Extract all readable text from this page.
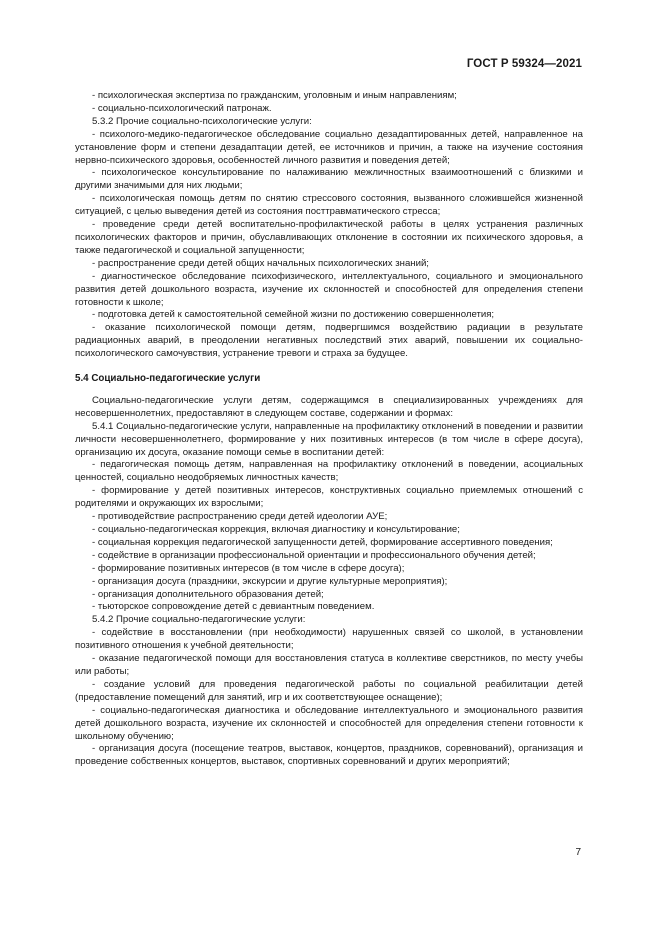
ГОСТ Р 59324—2021

- психологическая экспертиза по гражданским, уголовным и иным направлениям;

- социально-психологический патронаж.

5.3.2 Прочие социально-психологические услуги:

- психолого-медико-педагогическое обследование социально дезадаптированных детей, направленное на установление форм и степени дезадаптации детей, ее источников и причин, а также на изучение состояния нервно-психического здоровья, особенностей личного развития и поведения детей;

- психологическое консультирование по налаживанию межличностных взаимоотношений с близкими и другими значимыми для них людьми;

- психологическая помощь детям по снятию стрессового состояния, вызванного сложившейся жизненной ситуацией, с целью выведения детей из состояния посттравматического стресса;

- проведение среди детей воспитательно-профилактической работы в целях устранения различных психологических факторов и причин, обуславливающих отклонение в состоянии их психического здоровья, а также педагогической и социальной запущенности;

- распространение среди детей общих начальных психологических знаний;

- диагностическое обследование психофизического, интеллектуального, социального и эмоционального развития детей дошкольного возраста, изучение их склонностей и способностей для определения степени готовности к школе;

- подготовка детей к самостоятельной семейной жизни по достижению совершеннолетия;

- оказание психологической помощи детям, подвергшимся воздействию радиации в результате радиационных аварий, в преодолении негативных последствий этих аварий, повышении их социально-психологического самочувствия, устранение тревоги и страха за будущее.

5.4 Социально-педагогические услуги

Социально-педагогические услуги детям, содержащимся в специализированных учреждениях для несовершеннолетних, предоставляют в следующем составе, содержании и формах:

5.4.1 Социально-педагогические услуги, направленные на профилактику отклонений в поведении и развитии личности несовершеннолетнего, формирование у них позитивных интересов (в том числе в сфере досуга), организацию их досуга, оказание помощи семье в воспитании детей:

- педагогическая помощь детям, направленная на профилактику отклонений в поведении, асоциальных ценностей, социально неодобряемых личностных качеств;

- формирование у детей позитивных интересов, конструктивных социально приемлемых отношений с родителями и окружающих их взрослыми;

- противодействие распространению среди детей идеологии АУЕ;

- социально-педагогическая коррекция, включая диагностику и консультирование;

- социальная коррекция педагогической запущенности детей, формирование ассертивного поведения;

- содействие в организации профессиональной ориентации и профессионального обучения детей;

- формирование позитивных интересов (в том числе в сфере досуга);

- организация досуга (праздники, экскурсии и другие культурные мероприятия);

- организация дополнительного образования детей;

- тьюторское сопровождение детей с девиантным поведением.

5.4.2 Прочие социально-педагогические услуги:

- содействие в восстановлении (при необходимости) нарушенных связей со школой, в установлении позитивного отношения к учебной деятельности;

- оказание педагогической помощи для восстановления статуса в коллективе сверстников, по месту учебы или работы;

- создание условий для проведения педагогической работы по социальной реабилитации детей (предоставление помещений для занятий, игр и их соответствующее оснащение);

- социально-педагогическая диагностика и обследование интеллектуального и эмоционального развития детей дошкольного возраста, изучение их склонностей и способностей для определения степени готовности к школьному обучению;

- организация досуга (посещение театров, выставок, концертов, праздников, соревнований), организация и проведение собственных концертов, выставок, спортивных соревнований и других мероприятий;

7
